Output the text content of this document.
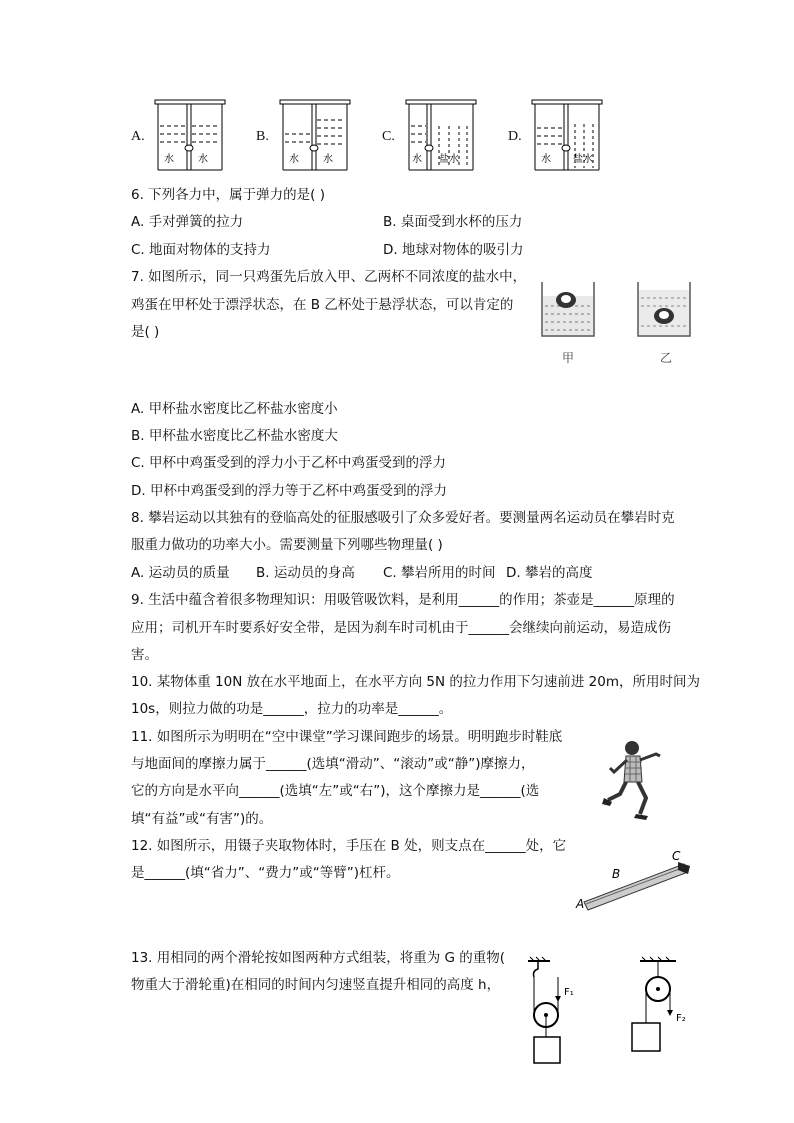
A.	B.	C.	D.
水 水	水 水	水 盐水	水 盐水
6. 下列各力中，属于弹力的是( )
A. 手对弹簧的拉力	B. 桌面受到水杯的压力
C. 地面对物体的支持力	D. 地球对物体的吸引力
7. 如图所示，同一只鸡蛋先后放入甲、乙两杯不同浓度的盐水中，
鸡蛋在甲杯处于漂浮状态，在 B 乙杯处于悬浮状态，可以肯定的
是( )
甲	乙
A. 甲杯盐水密度比乙杯盐水密度小
B. 甲杯盐水密度比乙杯盐水密度大
C. 甲杯中鸡蛋受到的浮力小于乙杯中鸡蛋受到的浮力
D. 甲杯中鸡蛋受到的浮力等于乙杯中鸡蛋受到的浮力
8. 攀岩运动以其独有的登临高处的征服感吸引了众多爱好者。要测量两名运动员在攀岩时克
服重力做功的功率大小。需要测量下列哪些物理量( )
A. 运动员的质量 B. 运动员的身高 C. 攀岩所用的时间 D. 攀岩的高度
9. 生活中蕴含着很多物理知识：用吸管吸饮料，是利用______的作用；茶壶是______原理的
应用；司机开车时要系好安全带，是因为刹车时司机由于______会继续向前运动，易造成伤
害。
10. 某物体重 10N 放在水平地面上，在水平方向 5N 的拉力作用下匀速前进 20m，所用时间为
10s，则拉力做的功是______，拉力的功率是______。
11. 如图所示为明明在“空中课堂”学习课间跑步的场景。明明跑步时鞋底
与地面间的摩擦力属于______(选填“滑动”、“滚动”或“静”)摩擦力，
它的方向是水平向______(选填“左”或“右”)，这个摩擦力是______(选
填“有益”或“有害”)的。
12. 如图所示，用镊子夹取物体时，手压在 B 处，则支点在______处，它
是______(填“省力”、“费力”或“等臂”)杠杆。
A
B
C
13. 用相同的两个滑轮按如图两种方式组装，将重为 G 的重物(
物重大于滑轮重)在相同的时间内匀速竖直提升相同的高度 h，	F₁
F₂
